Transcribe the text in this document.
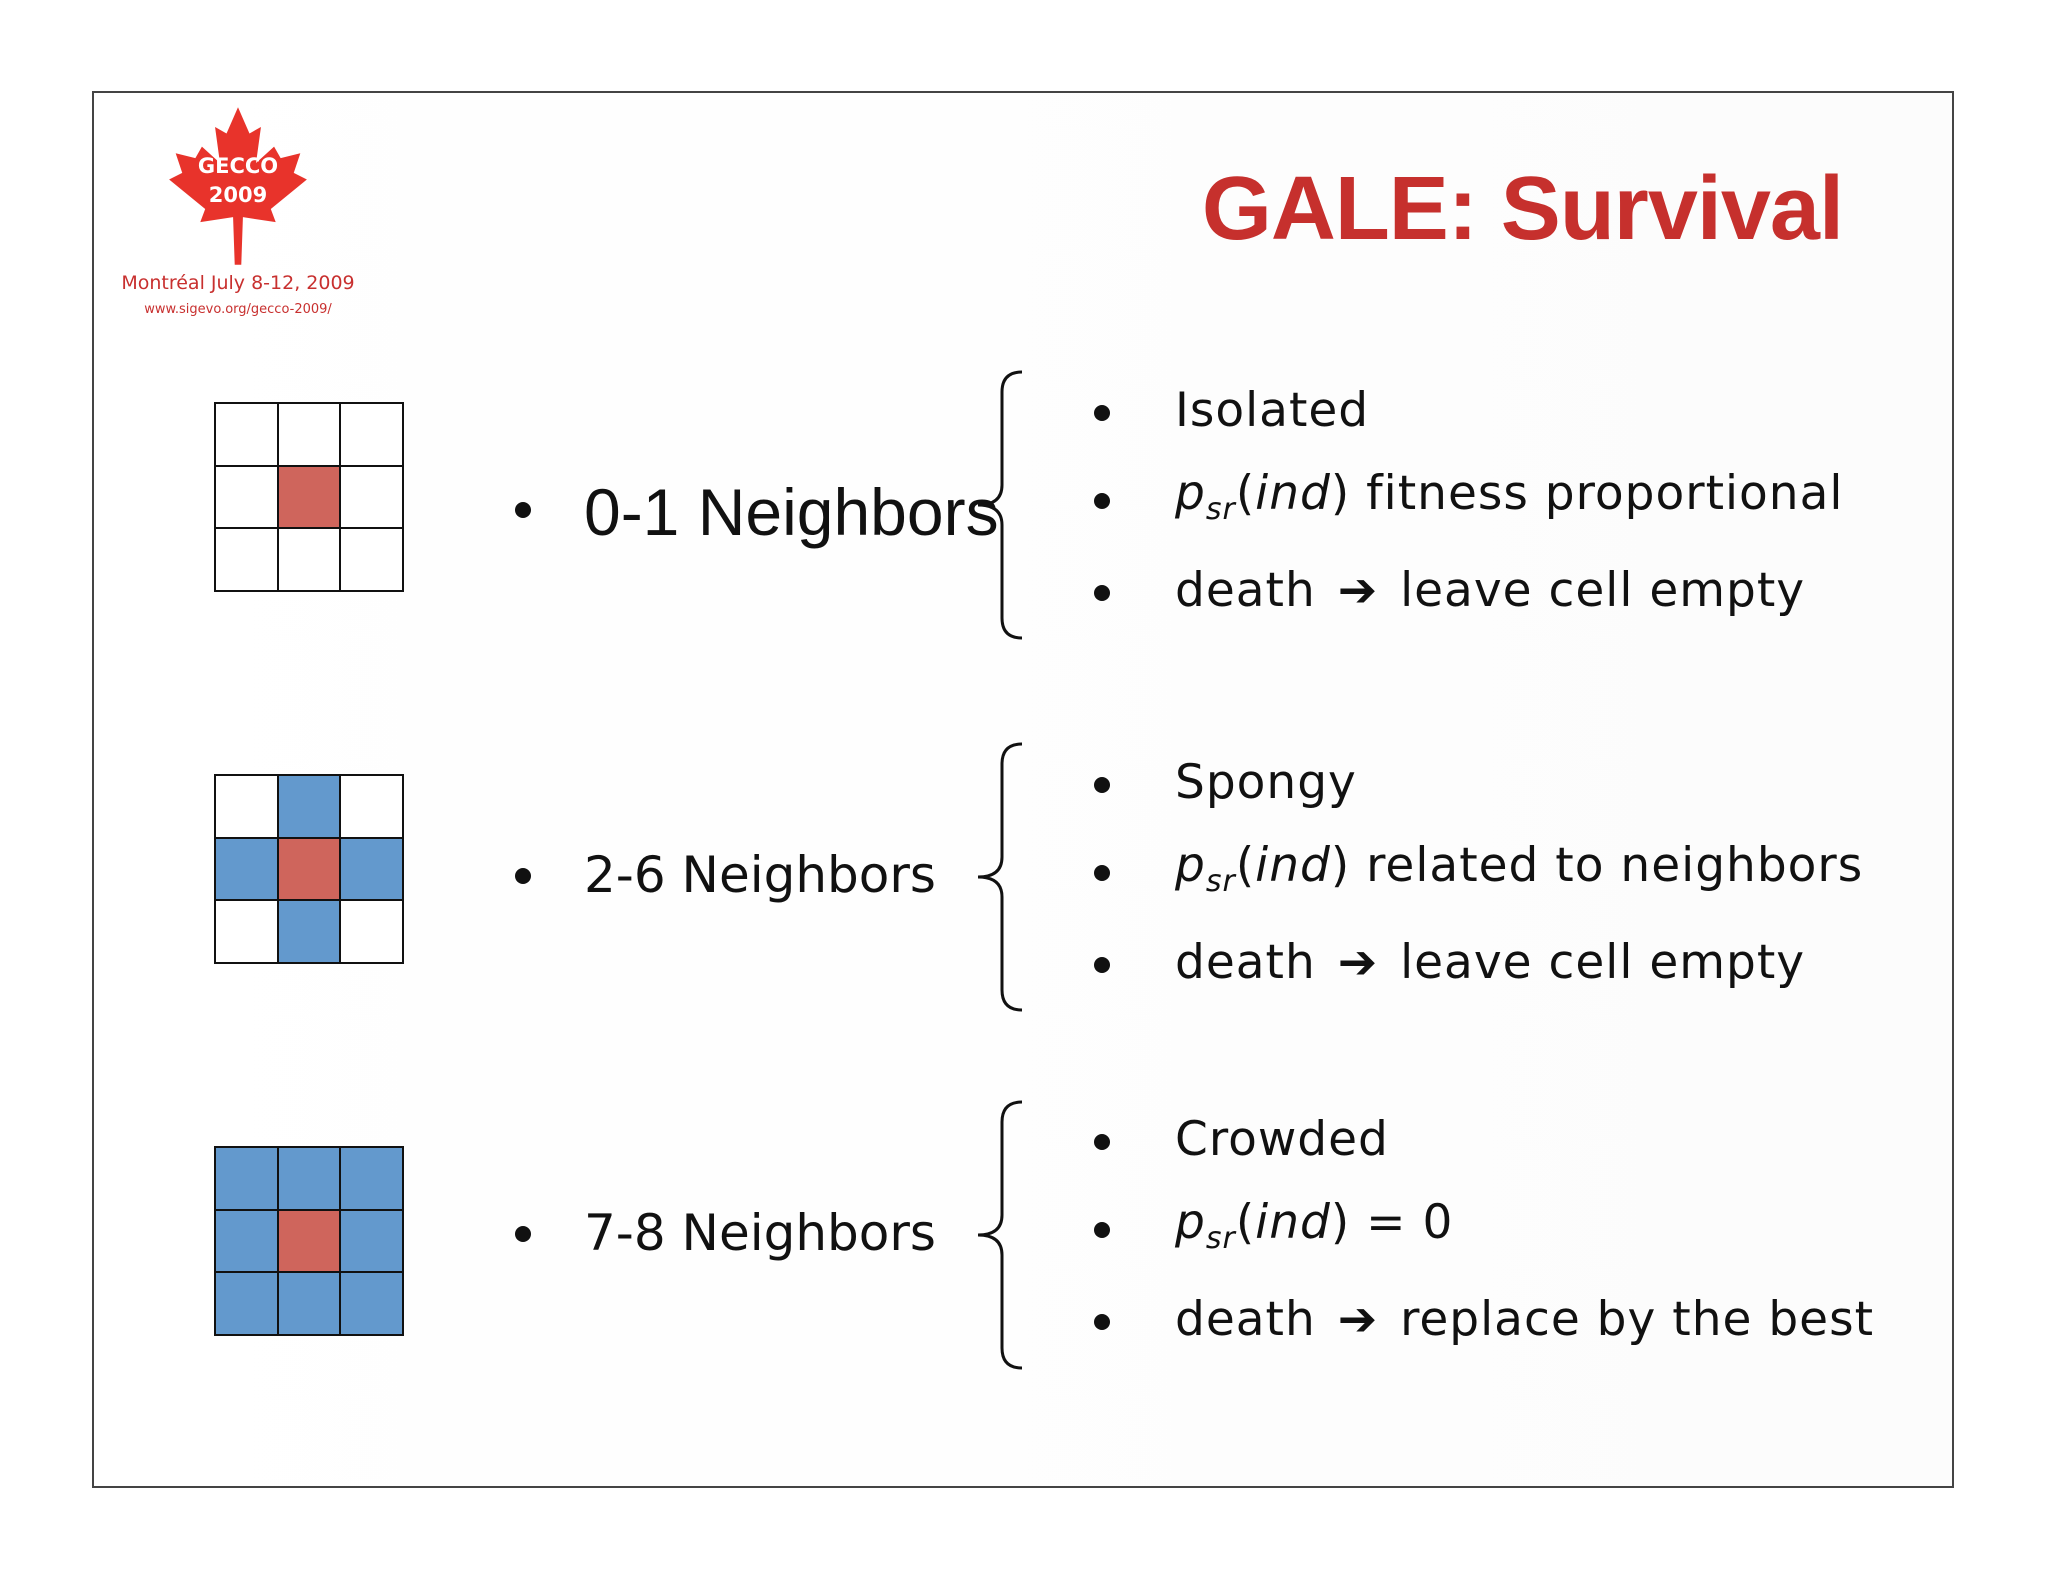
GECCO
2009
Montréal July 8-12, 2009
www.sigevo.org/gecco-2009/
GALE: Survival
0-1 Neighbors
Isolated
$p_{sr}(ind)$ fitness proportional
death ➔ leave cell empty
2-6 Neighbors
Spongy
$p_{sr}(ind)$ related to neighbors
death ➔ leave cell empty
7-8 Neighbors
Crowded
$p_{sr}(ind) = 0$
death ➔ replace by the best
